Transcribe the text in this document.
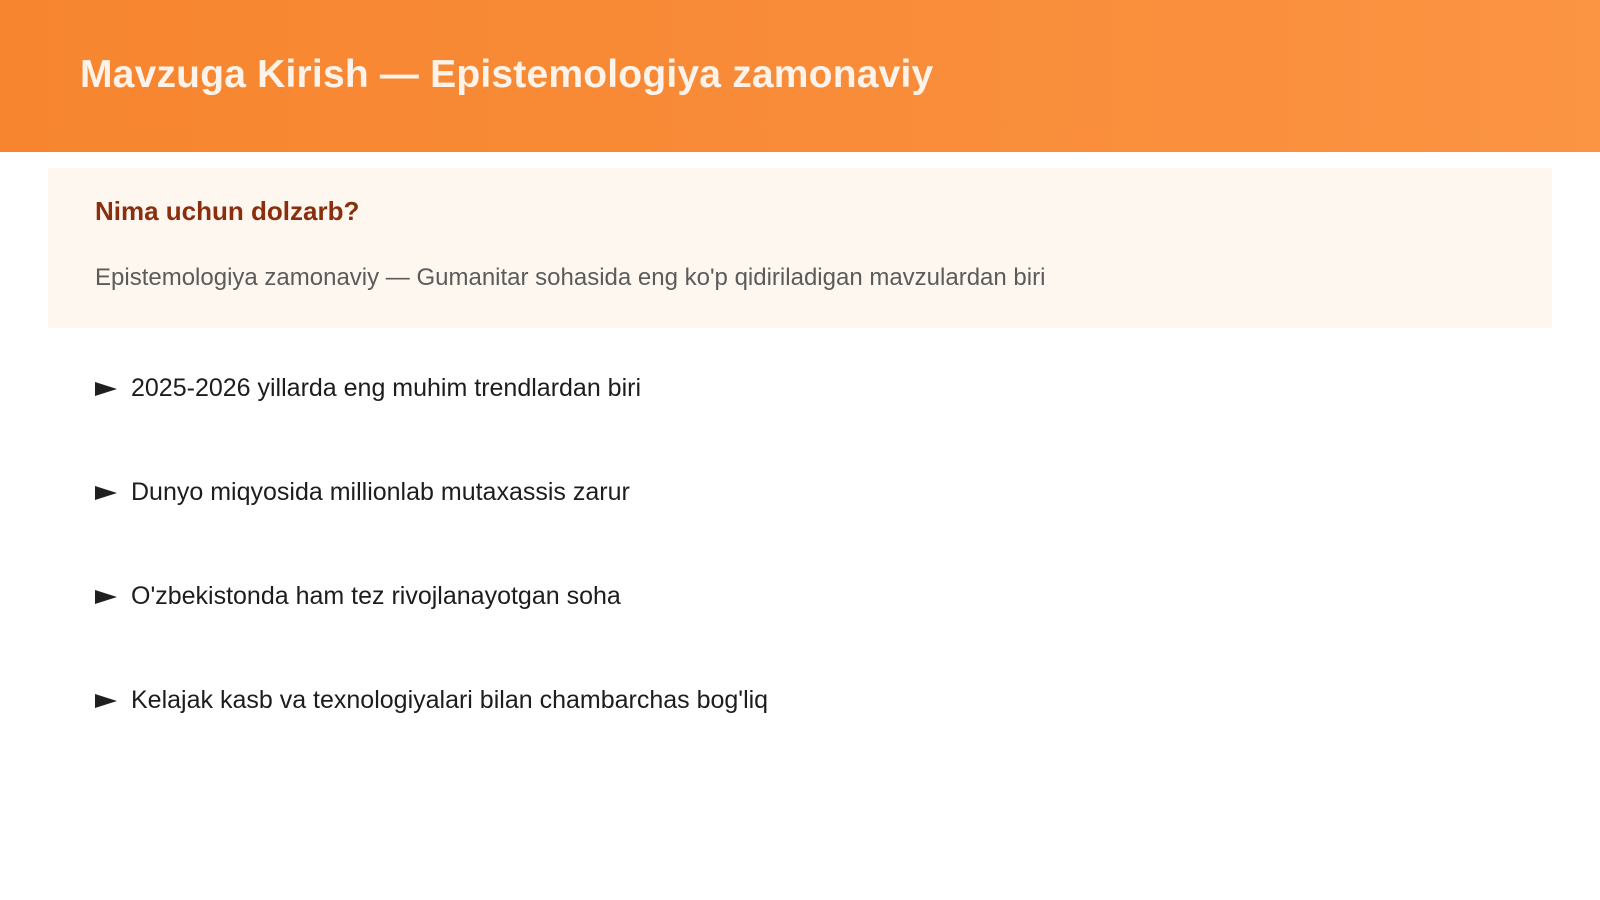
Mavzuga Kirish — Epistemologiya zamonaviy
Nima uchun dolzarb?
Epistemologiya zamonaviy — Gumanitar sohasida eng ko'p qidiriladigan mavzulardan biri
2025-2026 yillarda eng muhim trendlardan biri
Dunyo miqyosida millionlab mutaxassis zarur
O'zbekistonda ham tez rivojlanayotgan soha
Kelajak kasb va texnologiyalari bilan chambarchas bog'liq
